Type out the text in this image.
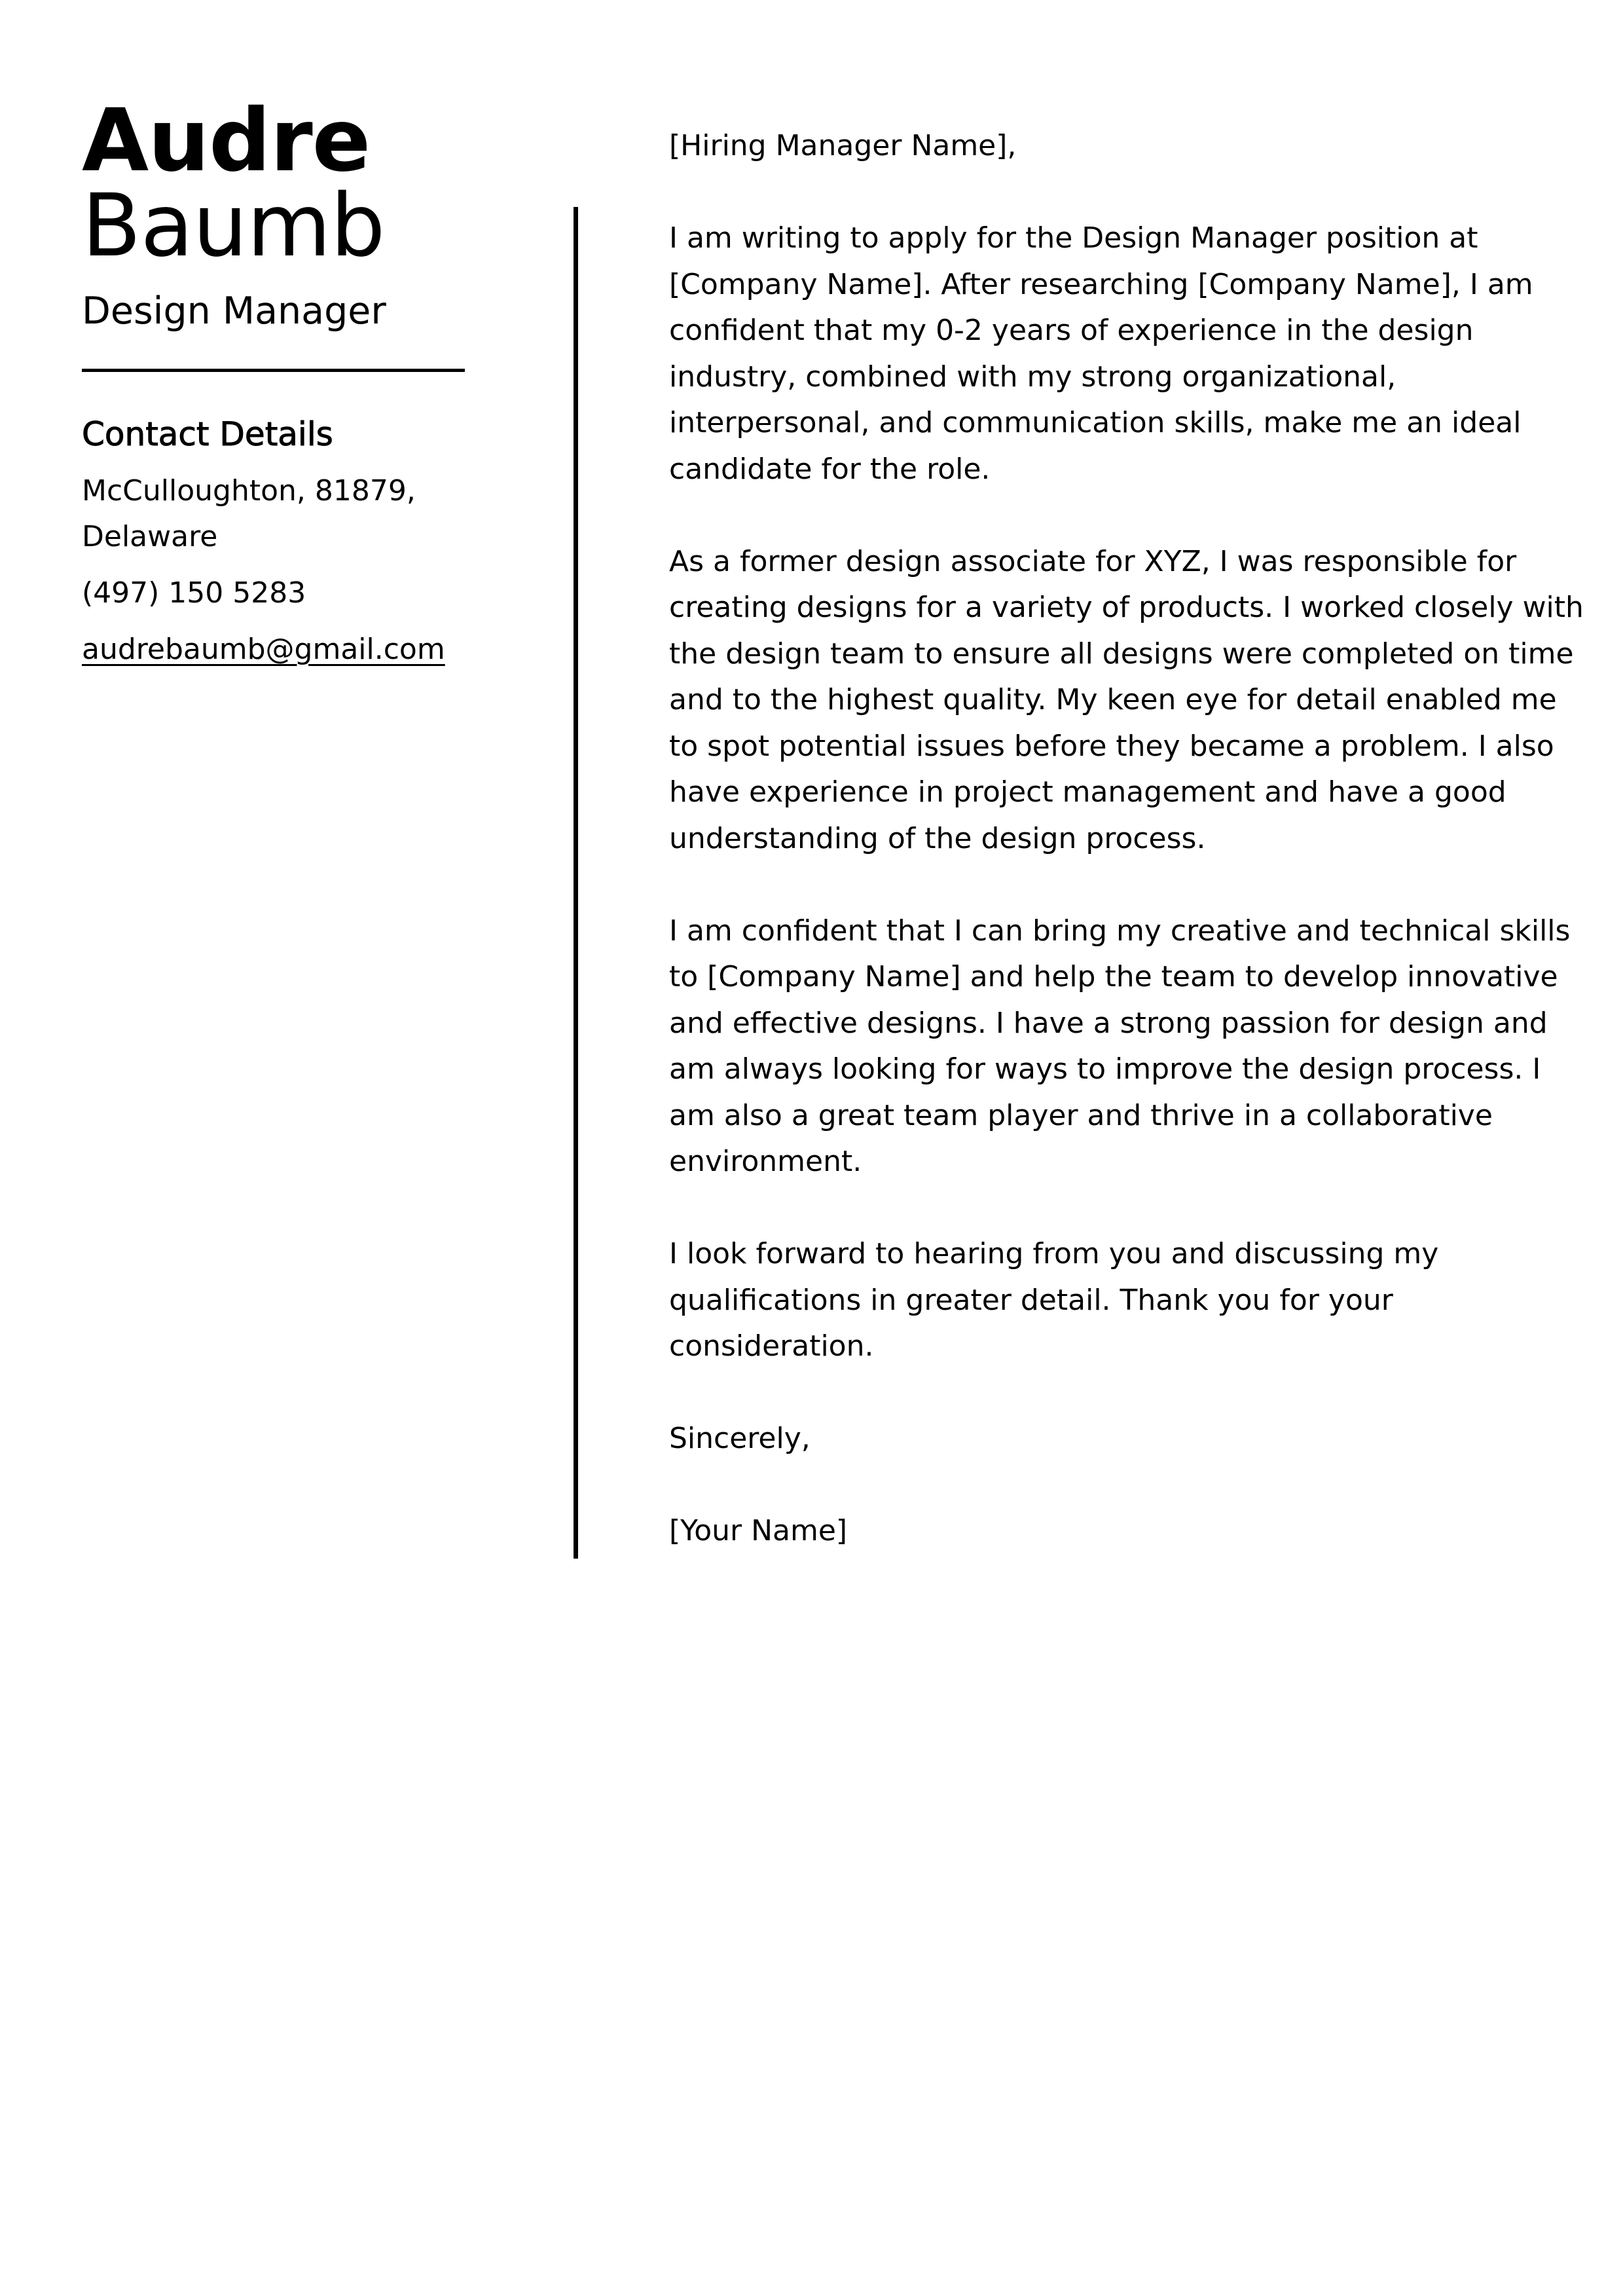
Audre
Baumb
Design Manager
Contact Details
McCulloughton, 81879,
Delaware
(497) 150 5283
audrebaumb@gmail.com

[Hiring Manager Name],

I am writing to apply for the Design Manager position at
[Company Name]. After researching [Company Name], I am
confident that my 0-2 years of experience in the design
industry, combined with my strong organizational,
interpersonal, and communication skills, make me an ideal
candidate for the role.

As a former design associate for XYZ, I was responsible for
creating designs for a variety of products. I worked closely with
the design team to ensure all designs were completed on time
and to the highest quality. My keen eye for detail enabled me
to spot potential issues before they became a problem. I also
have experience in project management and have a good
understanding of the design process.

I am confident that I can bring my creative and technical skills
to [Company Name] and help the team to develop innovative
and effective designs. I have a strong passion for design and
am always looking for ways to improve the design process. I
am also a great team player and thrive in a collaborative
environment.

I look forward to hearing from you and discussing my
qualifications in greater detail. Thank you for your
consideration.

Sincerely,

[Your Name]
